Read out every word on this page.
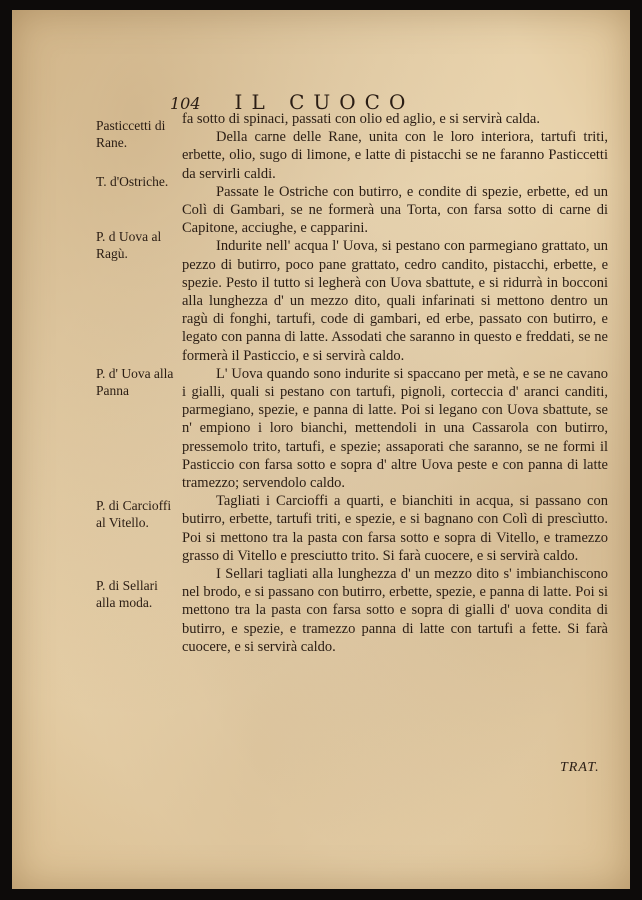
104 IL CUOCO
Pasticcetti di Rane.
T. d'Ostriche.
P. d Uova al Ragù.
P. d' Uova alla Panna
P. di Carcioffi al Vitello.
P. di Sellari alla moda.

fa sotto di spinaci, passati con olio ed aglio, e si servirà calda.

Della carne delle Rane, unita con le loro interiora, tartufi triti, erbette, olio, sugo di limone, e latte di pistacchi se ne faranno Pasticcetti da servirli caldi.

Passate le Ostriche con butirro, e condite di spezie, erbette, ed un Colì di Gambari, se ne formerà una Torta, con farsa sotto di carne di Capitone, acciughe, e capparini.

Indurite nell' acqua l' Uova, si pestano con parmegiano grattato, un pezzo di butirro, poco pane grattato, cedro candito, pistacchi, erbette, e spezie. Pesto il tutto si legherà con Uova sbattute, e si ridurrà in bocconi alla lunghezza d' un mezzo dito, quali infarinati si mettono dentro un ragù di fonghi, tartufi, code di gambari, ed erbe, passato con butirro, e legato con panna di latte. Assodati che saranno in questo e freddati, se ne formerà il Pasticcio, e si servirà caldo.

L' Uova quando sono indurite si spaccano per metà, e se ne cavano i gialli, quali si pestano con tartufi, pignoli, corteccia d' aranci canditi, parmegiano, spezie, e panna di latte. Poi si legano con Uova sbattute, se n' empiono i loro bianchi, mettendoli in una Cassarola con butirro, pressemolo trito, tartufi, e spezie; assaporati che saranno, se ne formi il Pasticcio con farsa sotto e sopra d' altre Uova peste e con panna di latte tramezzo; servendolo caldo.

Tagliati i Carcioffi a quarti, e bianchiti in acqua, si passano con butirro, erbette, tartufi triti, e spezie, e si bagnano con Colì di prescìutto. Poi si mettono tra la pasta con farsa sotto e sopra di Vitello, e tramezzo grasso di Vitello e presciutto trito. Si farà cuocere, e si servirà caldo.

I Sellari tagliati alla lunghezza d' un mezzo dito s' imbianchiscono nel brodo, e si passano con butirro, erbette, spezie, e panna di latte. Poi si mettono tra la pasta con farsa sotto e sopra di gialli d' uova condita di butirro, e spezie, e tramezzo panna di latte con tartufi a fette. Si farà cuocere, e si servirà caldo.

TRAT.
